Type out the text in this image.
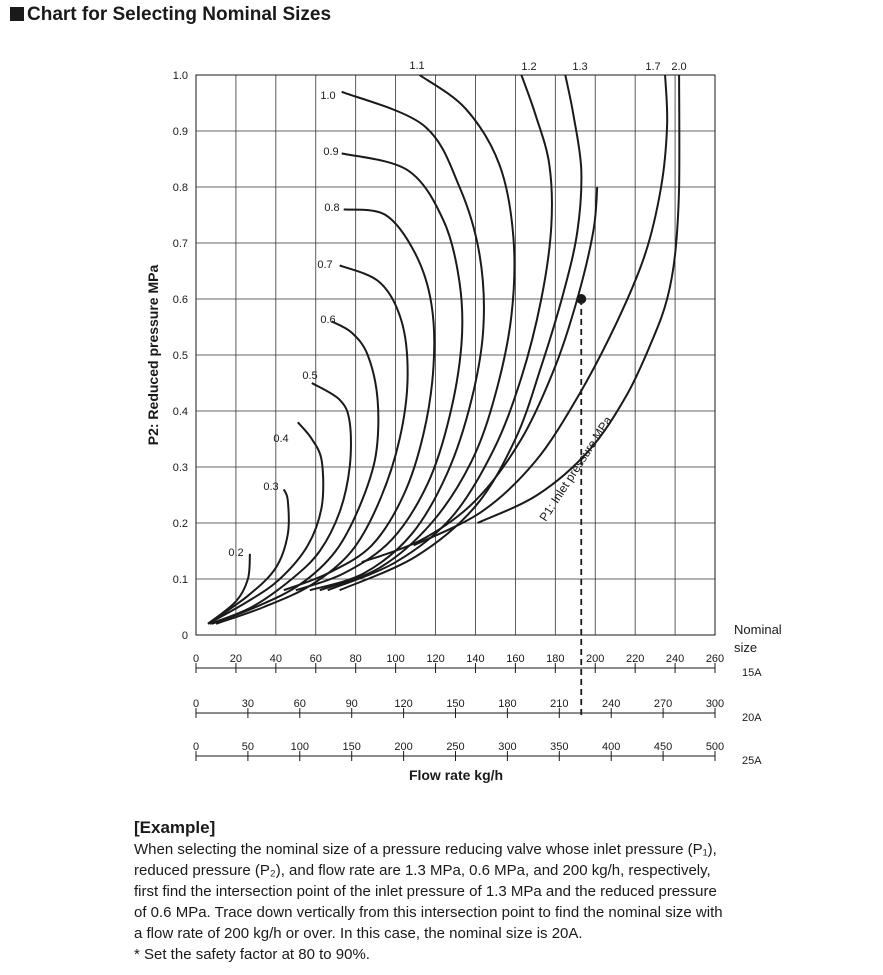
Chart for Selecting Nominal Sizes
0
0.1
0.2
0.3
0.4
0.5
0.6
0.7
0.8
0.9
1.0
P2: Reduced pressure MPa
0	20	40	60	80 100 120 140 160 180 200 220 240 260
15A
0	30	60	90	120	150	180	210	240	270	300
20A
0	50	100	150	200	250	300	350	400	450	500
25A
Nominal
size
Flow rate kg/h
0.2
0.3
0.4
0.5
0.6
0.7
0.8
0.9
1.0
1.1	1.2	1.3	1.7 2.0
P1: Inlet pressure MPa

[Example]

When selecting the nominal size of a pressure reducing valve whose inlet pressure (P₁),

reduced pressure (P₂), and flow rate are 1.3 MPa, 0.6 MPa, and 200 kg/h, respectively,

first find the intersection point of the inlet pressure of 1.3 MPa and the reduced pressure

of 0.6 MPa. Trace down vertically from this intersection point to find the nominal size with

a flow rate of 200 kg/h or over. In this case, the nominal size is 20A.

* Set the safety factor at 80 to 90%.
